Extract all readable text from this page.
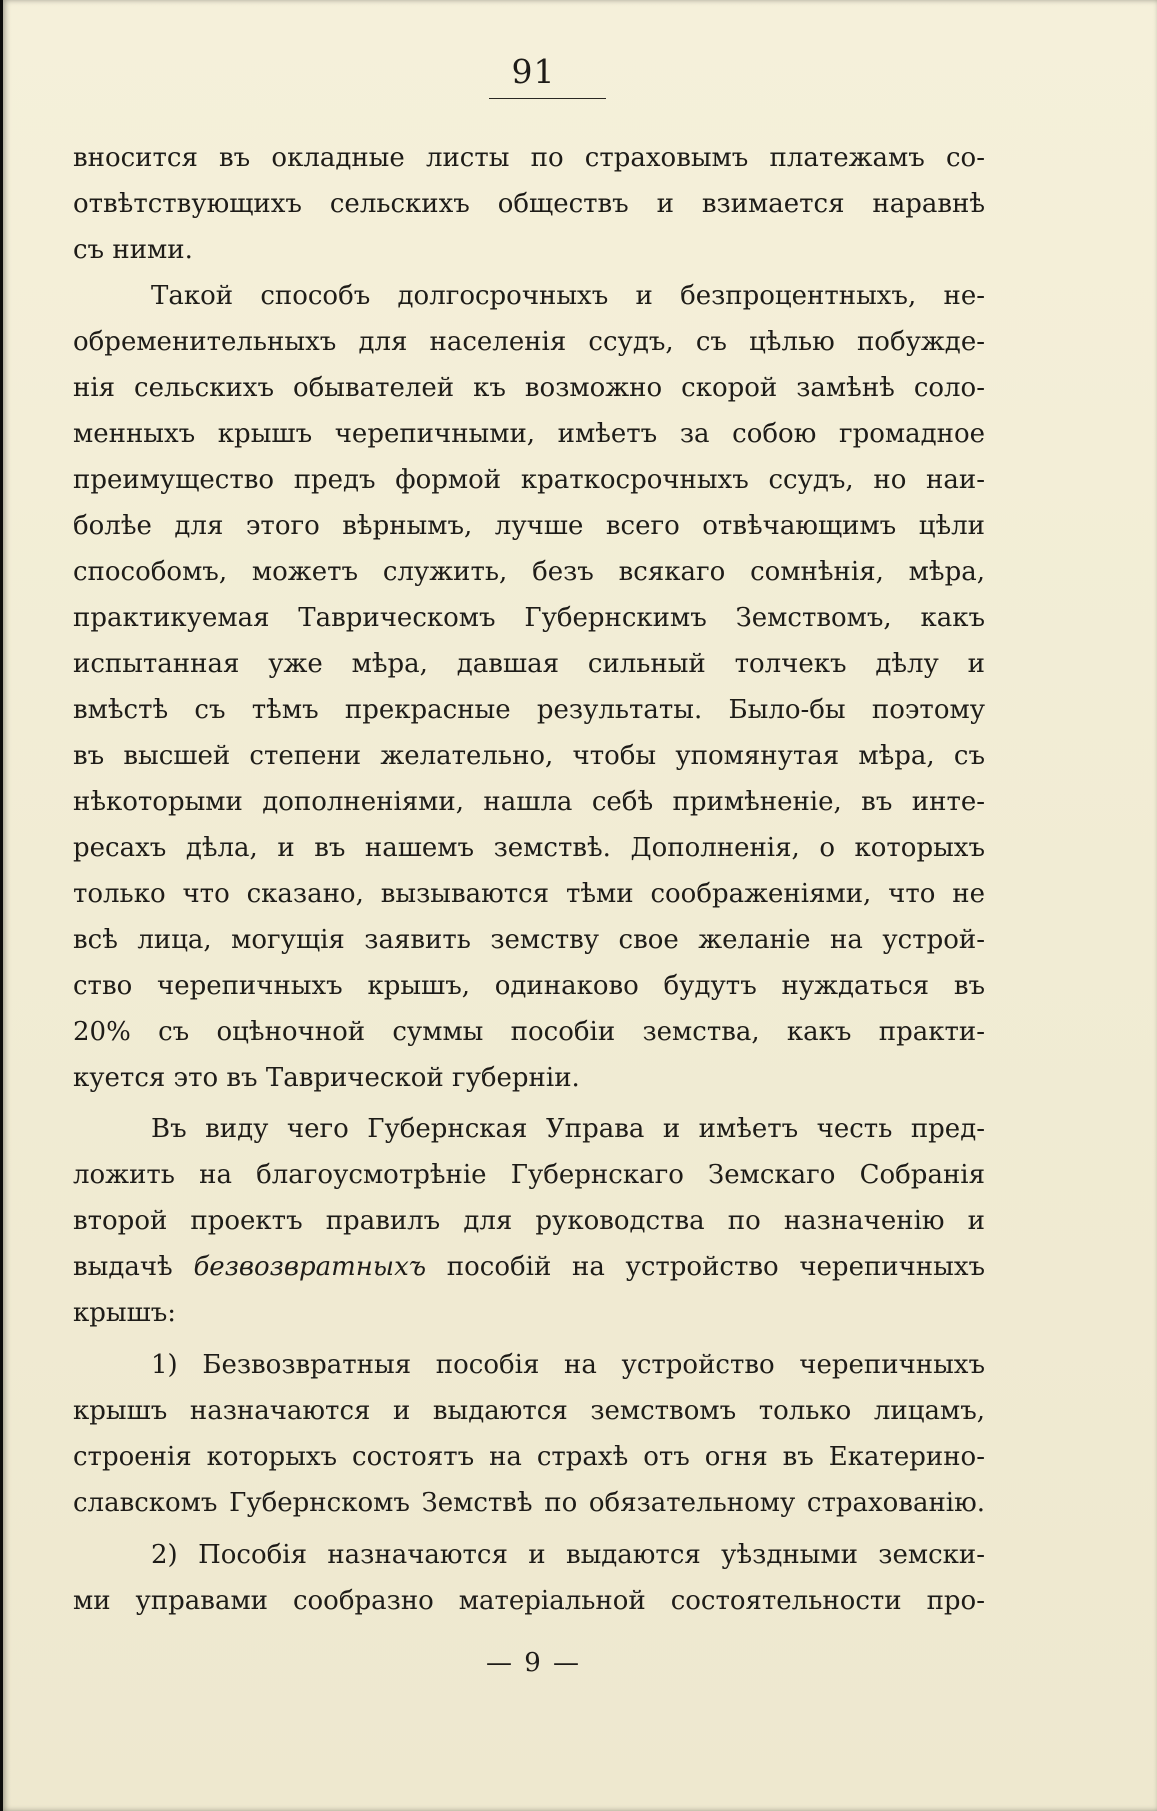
91
вносится въ окладные листы по страховымъ платежамъ со-
отвѣтствующихъ сельскихъ обществъ и взимается наравнѣ
съ ними.
Такой способъ долгосрочныхъ и безпроцентныхъ, не-
обременительныхъ для населенія ссудъ, съ цѣлью побужде-
нія сельскихъ обывателей къ возможно скорой замѣнѣ соло-
менныхъ крышъ черепичными, имѣетъ за собою громадное
преимущество предъ формой краткосрочныхъ ссудъ, но наи-
болѣе для этого вѣрнымъ, лучше всего отвѣчающимъ цѣли
способомъ, можетъ служить, безъ всякаго сомнѣнія, мѣра,
практикуемая Таврическомъ Губернскимъ Земствомъ, какъ
испытанная уже мѣра, давшая сильный толчекъ дѣлу и
вмѣстѣ съ тѣмъ прекрасные результаты. Было-бы поэтому
въ высшей степени желательно, чтобы упомянутая мѣра, съ
нѣкоторыми дополненіями, нашла себѣ примѣненіе, въ инте-
ресахъ дѣла, и въ нашемъ земствѣ. Дополненія, о которыхъ
только что сказано, вызываются тѣми соображеніями, что не
всѣ лица, могущія заявить земству свое желаніе на устрой-
ство черепичныхъ крышъ, одинаково будутъ нуждаться въ
20% съ оцѣночной суммы пособіи земства, какъ практи-
куется это въ Таврической губерніи.
Въ виду чего Губернская Управа и имѣетъ честь пред-
ложить на благоусмотрѣніе Губернскаго Земскаго Собранія
второй проектъ правилъ для руководства по назначенію и
выдачѣ безвозвратныхъ пособій на устройство черепичныхъ
крышъ:
1) Безвозвратныя пособія на устройство черепичныхъ
крышъ назначаются и выдаются земствомъ только лицамъ,
строенія которыхъ состоятъ на страхѣ отъ огня въ Екатерино-
славскомъ Губернскомъ Земствѣ по обязательному страхованію.
2) Пособія назначаются и выдаются уѣздными земски-
ми управами сообразно матеріальной состоятельности про-
— 9 —
